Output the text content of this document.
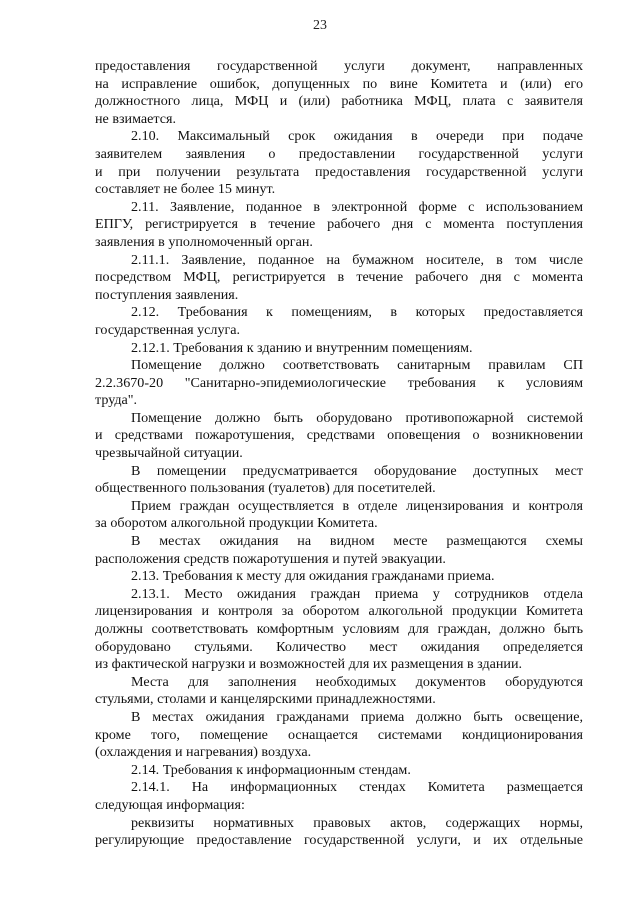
23
предоставления государственной услуги документ, направленных
на исправление ошибок, допущенных по вине Комитета и (или) его
должностного лица, МФЦ и (или) работника МФЦ, плата с заявителя
не взимается.
2.10. Максимальный срок ожидания в очереди при подаче
заявителем заявления о предоставлении государственной услуги
и при получении результата предоставления государственной услуги
составляет не более 15 минут.
2.11. Заявление, поданное в электронной форме с использованием
ЕПГУ, регистрируется в течение рабочего дня с момента поступления
заявления в уполномоченный орган.
2.11.1. Заявление, поданное на бумажном носителе, в том числе
посредством МФЦ, регистрируется в течение рабочего дня с момента
поступления заявления.
2.12. Требования к помещениям, в которых предоставляется
государственная услуга.
2.12.1. Требования к зданию и внутренним помещениям.
Помещение должно соответствовать санитарным правилам СП
2.2.3670-20 "Санитарно-эпидемиологические требования к условиям
труда".
Помещение должно быть оборудовано противопожарной системой
и средствами пожаротушения, средствами оповещения о возникновении
чрезвычайной ситуации.
В помещении предусматривается оборудование доступных мест
общественного пользования (туалетов) для посетителей.
Прием граждан осуществляется в отделе лицензирования и контроля
за оборотом алкогольной продукции Комитета.
В местах ожидания на видном месте размещаются схемы
расположения средств пожаротушения и путей эвакуации.
2.13. Требования к месту для ожидания гражданами приема.
2.13.1. Место ожидания граждан приема у сотрудников отдела
лицензирования и контроля за оборотом алкогольной продукции Комитета
должны соответствовать комфортным условиям для граждан, должно быть
оборудовано стульями. Количество мест ожидания определяется
из фактической нагрузки и возможностей для их размещения в здании.
Места для заполнения необходимых документов оборудуются
стульями, столами и канцелярскими принадлежностями.
В местах ожидания гражданами приема должно быть освещение,
кроме того, помещение оснащается системами кондиционирования
(охлаждения и нагревания) воздуха.
2.14. Требования к информационным стендам.
2.14.1. На информационных стендах Комитета размещается
следующая информация:
реквизиты нормативных правовых актов, содержащих нормы,
регулирующие предоставление государственной услуги, и их отдельные
